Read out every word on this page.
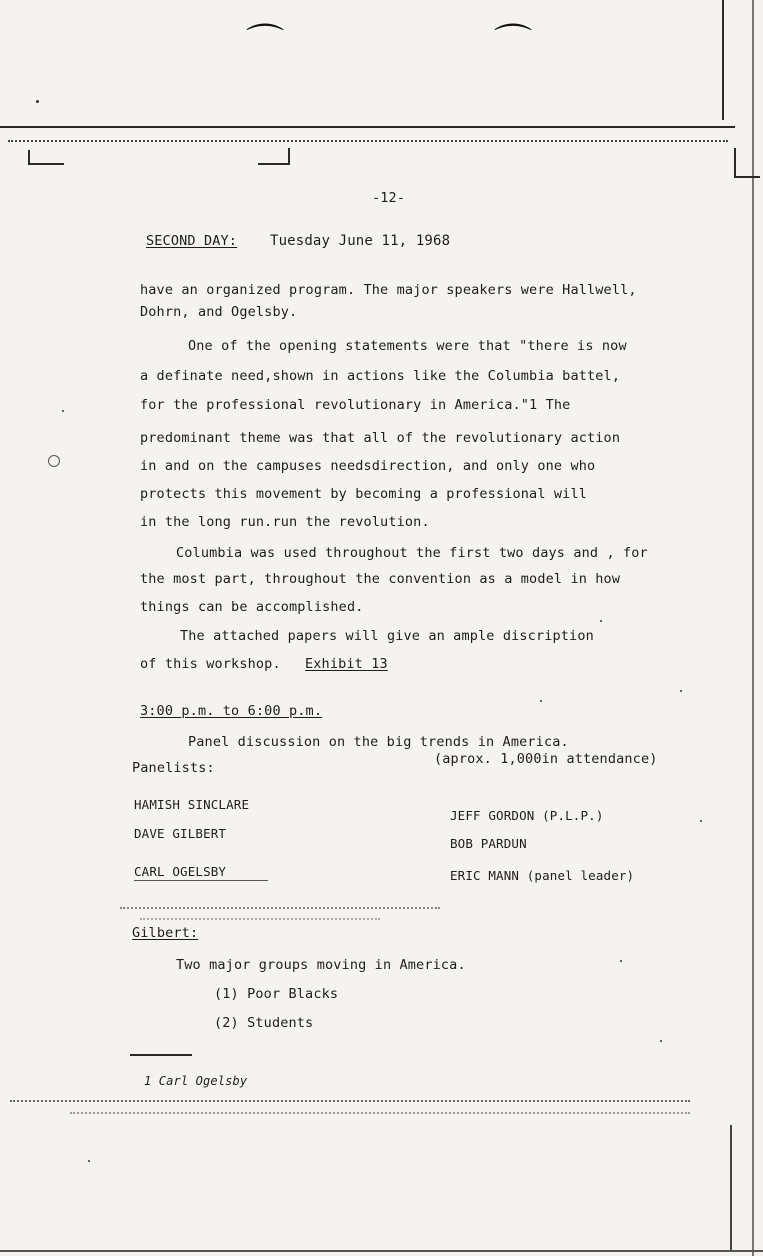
⌒	⌒
-12-
SECOND DAY: Tuesday June 11, 1968
have an organized program. The major speakers were Hallwell,
Dohrn, and Ogelsby.
One of the opening statements were that "there is now
a definate need,shown in actions like the Columbia battel,
for the professional revolutionary in America."1 The
predominant theme was that all of the revolutionary action
in and on the campuses needsdirection, and only one who
protects this movement by becoming a professional will
in the long run.run the revolution.
Columbia was used throughout the first two days and , for
the most part, throughout the convention as a model in how
things can be accomplished.
The attached papers will give an ample discription
of this workshop. Exhibit 13
3:00 p.m. to 6:00 p.m.
Panel discussion on the big trends in America.
(aprox. 1,000in attendance)
Panelists:
HAMISH SINCLARE
DAVE GILBERT
CARL OGELSBY
JEFF GORDON (P.L.P.)
BOB PARDUN
ERIC MANN (panel leader)
Gilbert:
Two major groups moving in America.
(1) Poor Blacks
(2) Students
1 Carl Ogelsby
